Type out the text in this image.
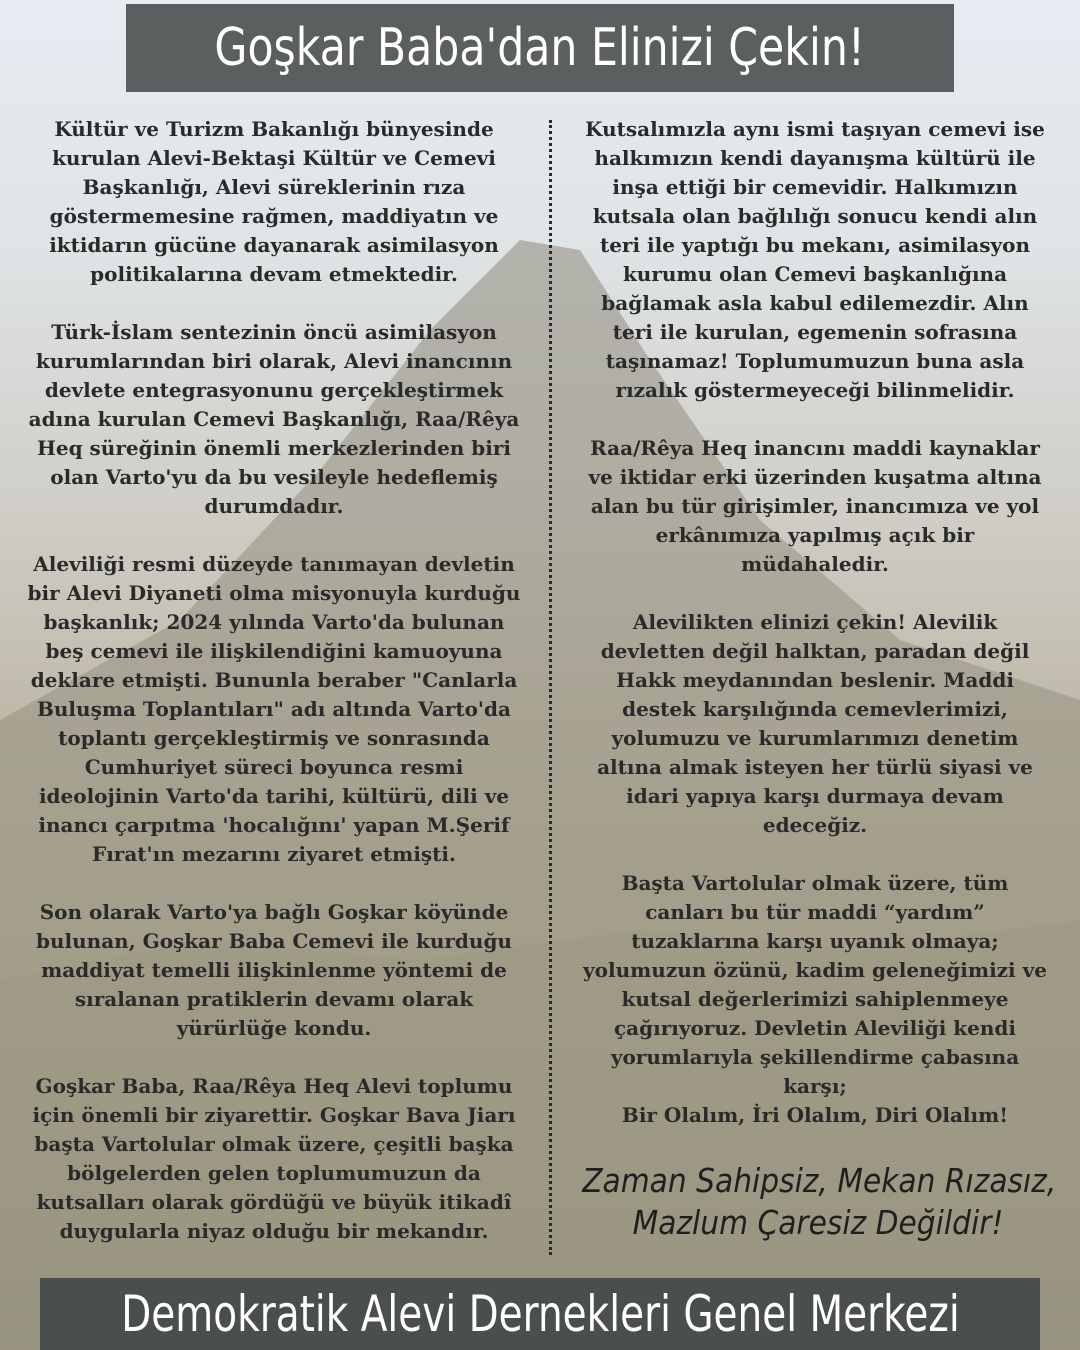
Goşkar Baba'dan Elinizi Çekin!

Kültür ve Turizm Bakanlığı bünyesinde
kurulan Alevi-Bektaşi Kültür ve Cemevi
Başkanlığı, Alevi süreklerinin rıza
göstermemesine rağmen, maddiyatın ve
iktidarın gücüne dayanarak asimilasyon
politikalarına devam etmektedir.

Türk-İslam sentezinin öncü asimilasyon
kurumlarından biri olarak, Alevi inancının
devlete entegrasyonunu gerçekleştirmek
adına kurulan Cemevi Başkanlığı, Raa/Rêya
Heq süreğinin önemli merkezlerinden biri
olan Varto'yu da bu vesileyle hedeflemiş
durumdadır.

Aleviliği resmi düzeyde tanımayan devletin
bir Alevi Diyaneti olma misyonuyla kurduğu
başkanlık; 2024 yılında Varto'da bulunan
beş cemevi ile ilişkilendiğini kamuoyuna
deklare etmişti. Bununla beraber "Canlarla
Buluşma Toplantıları" adı altında Varto'da
toplantı gerçekleştirmiş ve sonrasında
Cumhuriyet süreci boyunca resmi
ideolojinin Varto'da tarihi, kültürü, dili ve
inancı çarpıtma 'hocalığını' yapan M.Şerif
Fırat'ın mezarını ziyaret etmişti.

Son olarak Varto'ya bağlı Goşkar köyünde
bulunan, Goşkar Baba Cemevi ile kurduğu
maddiyat temelli ilişkinlenme yöntemi de
sıralanan pratiklerin devamı olarak
yürürlüğe kondu.

Goşkar Baba, Raa/Rêya Heq Alevi toplumu
için önemli bir ziyarettir. Goşkar Bava Jiarı
başta Vartolular olmak üzere, çeşitli başka
bölgelerden gelen toplumumuzun da
kutsalları olarak gördüğü ve büyük itikadî
duygularla niyaz olduğu bir mekandır.

Kutsalımızla aynı ismi taşıyan cemevi ise
halkımızın kendi dayanışma kültürü ile
inşa ettiği bir cemevidir. Halkımızın
kutsala olan bağlılığı sonucu kendi alın
teri ile yaptığı bu mekanı, asimilasyon
kurumu olan Cemevi başkanlığına
bağlamak asla kabul edilemezdir. Alın
teri ile kurulan, egemenin sofrasına
taşınamaz! Toplumumuzun buna asla
rızalık göstermeyeceği bilinmelidir.

Raa/Rêya Heq inancını maddi kaynaklar
ve iktidar erki üzerinden kuşatma altına
alan bu tür girişimler, inancımıza ve yol
erkânımıza yapılmış açık bir
müdahaledir.

Alevilikten elinizi çekin! Alevilik
devletten değil halktan, paradan değil
Hakk meydanından beslenir. Maddi
destek karşılığında cemevlerimizi,
yolumuzu ve kurumlarımızı denetim
altına almak isteyen her türlü siyasi ve
idari yapıya karşı durmaya devam
edeceğiz.

Başta Vartolular olmak üzere, tüm
canları bu tür maddi “yardım”
tuzaklarına karşı uyanık olmaya;
yolumuzun özünü, kadim geleneğimizi ve
kutsal değerlerimizi sahiplenmeye
çağırıyoruz. Devletin Aleviliği kendi
yorumlarıyla şekillendirme çabasına
karşı;
Bir Olalım, İri Olalım, Diri Olalım!

Zaman Sahipsiz, Mekan Rızasız,
Mazlum Çaresiz Değildir!
Demokratik Alevi Dernekleri Genel Merkezi
